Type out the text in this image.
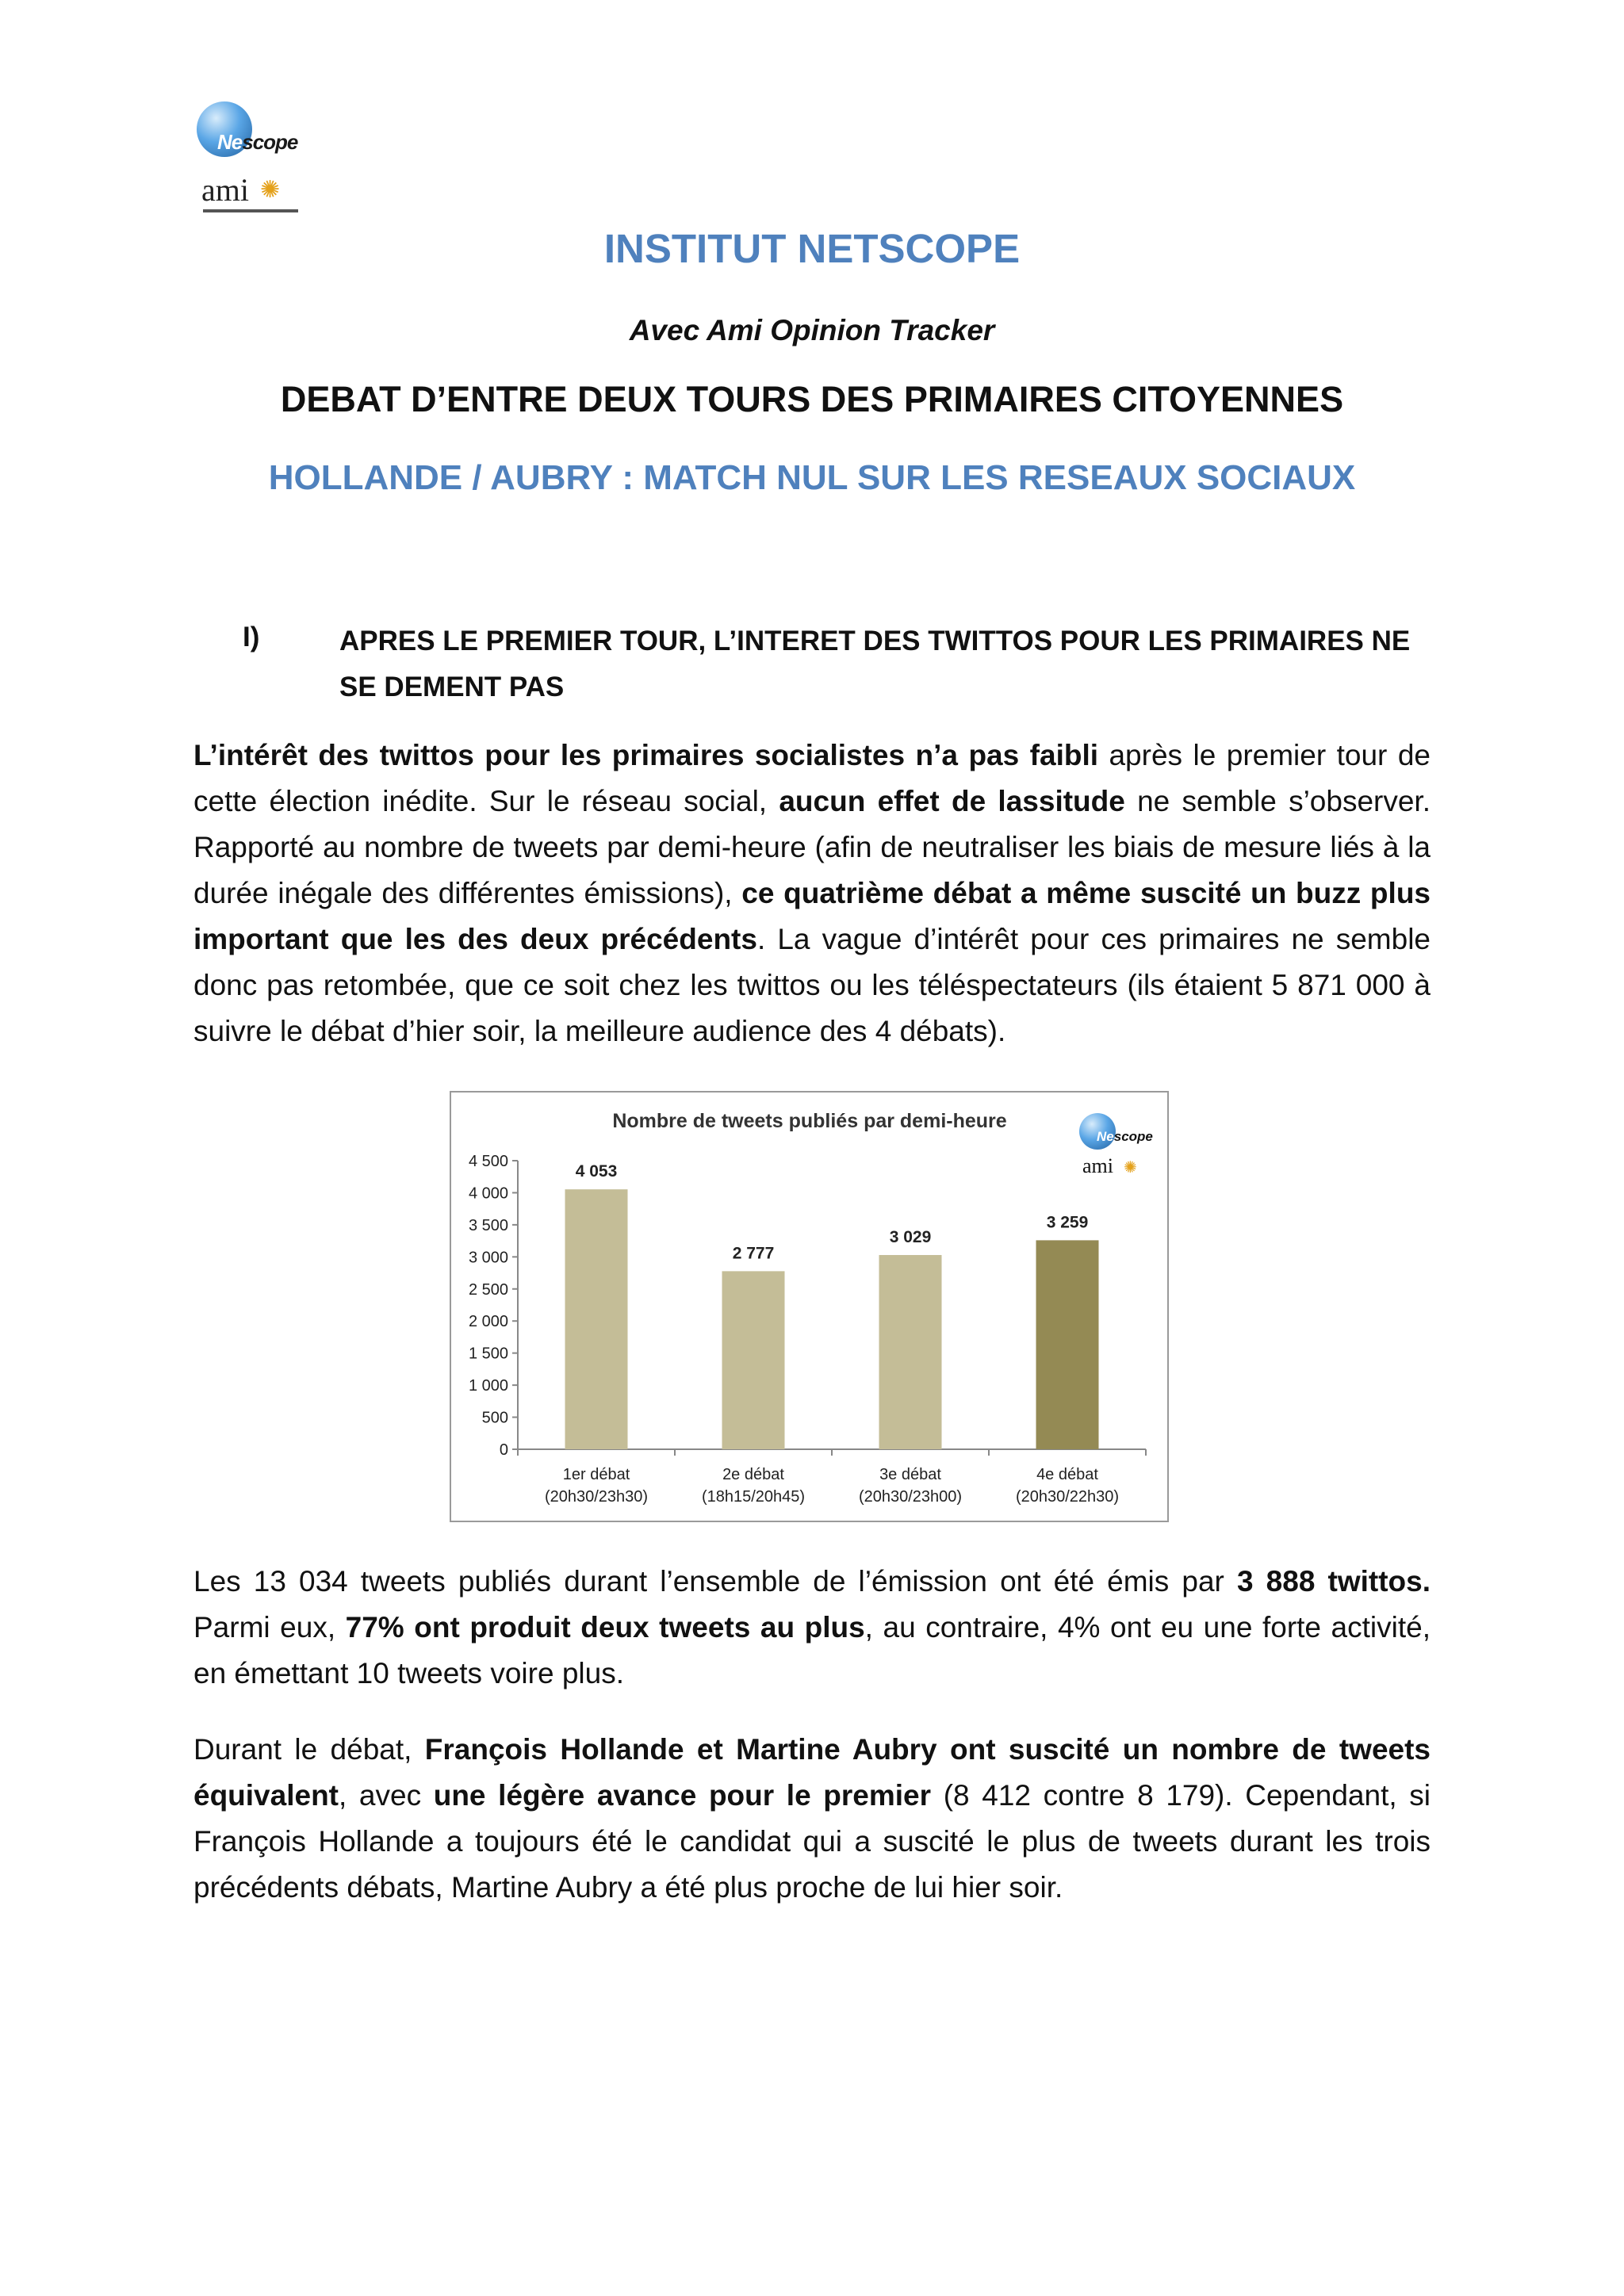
Nescope
ami ✺
INSTITUT NETSCOPE
Avec Ami Opinion Tracker
DEBAT D’ENTRE DEUX TOURS DES PRIMAIRES CITOYENNES
HOLLANDE / AUBRY : MATCH NUL SUR LES RESEAUX SOCIAUX
I)	APRES LE PREMIER TOUR, L’INTERET DES TWITTOS POUR LES PRIMAIRES NE SE DEMENT PAS

L’intérêt des twittos pour les primaires socialistes n’a pas faibli après le premier tour de cette élection inédite. Sur le réseau social, aucun effet de lassitude ne semble s’observer. Rapporté au nombre de tweets par demi-heure (afin de neutraliser les biais de mesure liés à la durée inégale des différentes émissions), ce quatrième débat a même suscité un buzz plus important que les des deux précédents. La vague d’intérêt pour ces primaires ne semble donc pas retombée, que ce soit chez les twittos ou les téléspectateurs (ils étaient 5 871 000 à suivre le débat d’hier soir, la meilleure audience des 4 débats).

Nombre de tweets publiés par demi-heure
0
500
1 000
1 500
2 000
2 500
3 000
3 500
4 000
4 500
4 053
1er débat
(20h30/23h30)
2 777
2e débat
(18h15/20h45)
3 029
3e débat
(20h30/23h00)
3 259
4e débat
(20h30/22h30)
Nescope
ami ✺

Les 13 034 tweets publiés durant l’ensemble de l’émission ont été émis par 3 888 twittos. Parmi eux, 77% ont produit deux tweets au plus, au contraire, 4% ont eu une forte activité, en émettant 10 tweets voire plus.

Durant le débat, François Hollande et Martine Aubry ont suscité un nombre de tweets équivalent, avec une légère avance pour le premier (8 412 contre 8 179). Cependant, si François Hollande a toujours été le candidat qui a suscité le plus de tweets durant les trois précédents débats, Martine Aubry a été plus proche de lui hier soir.
